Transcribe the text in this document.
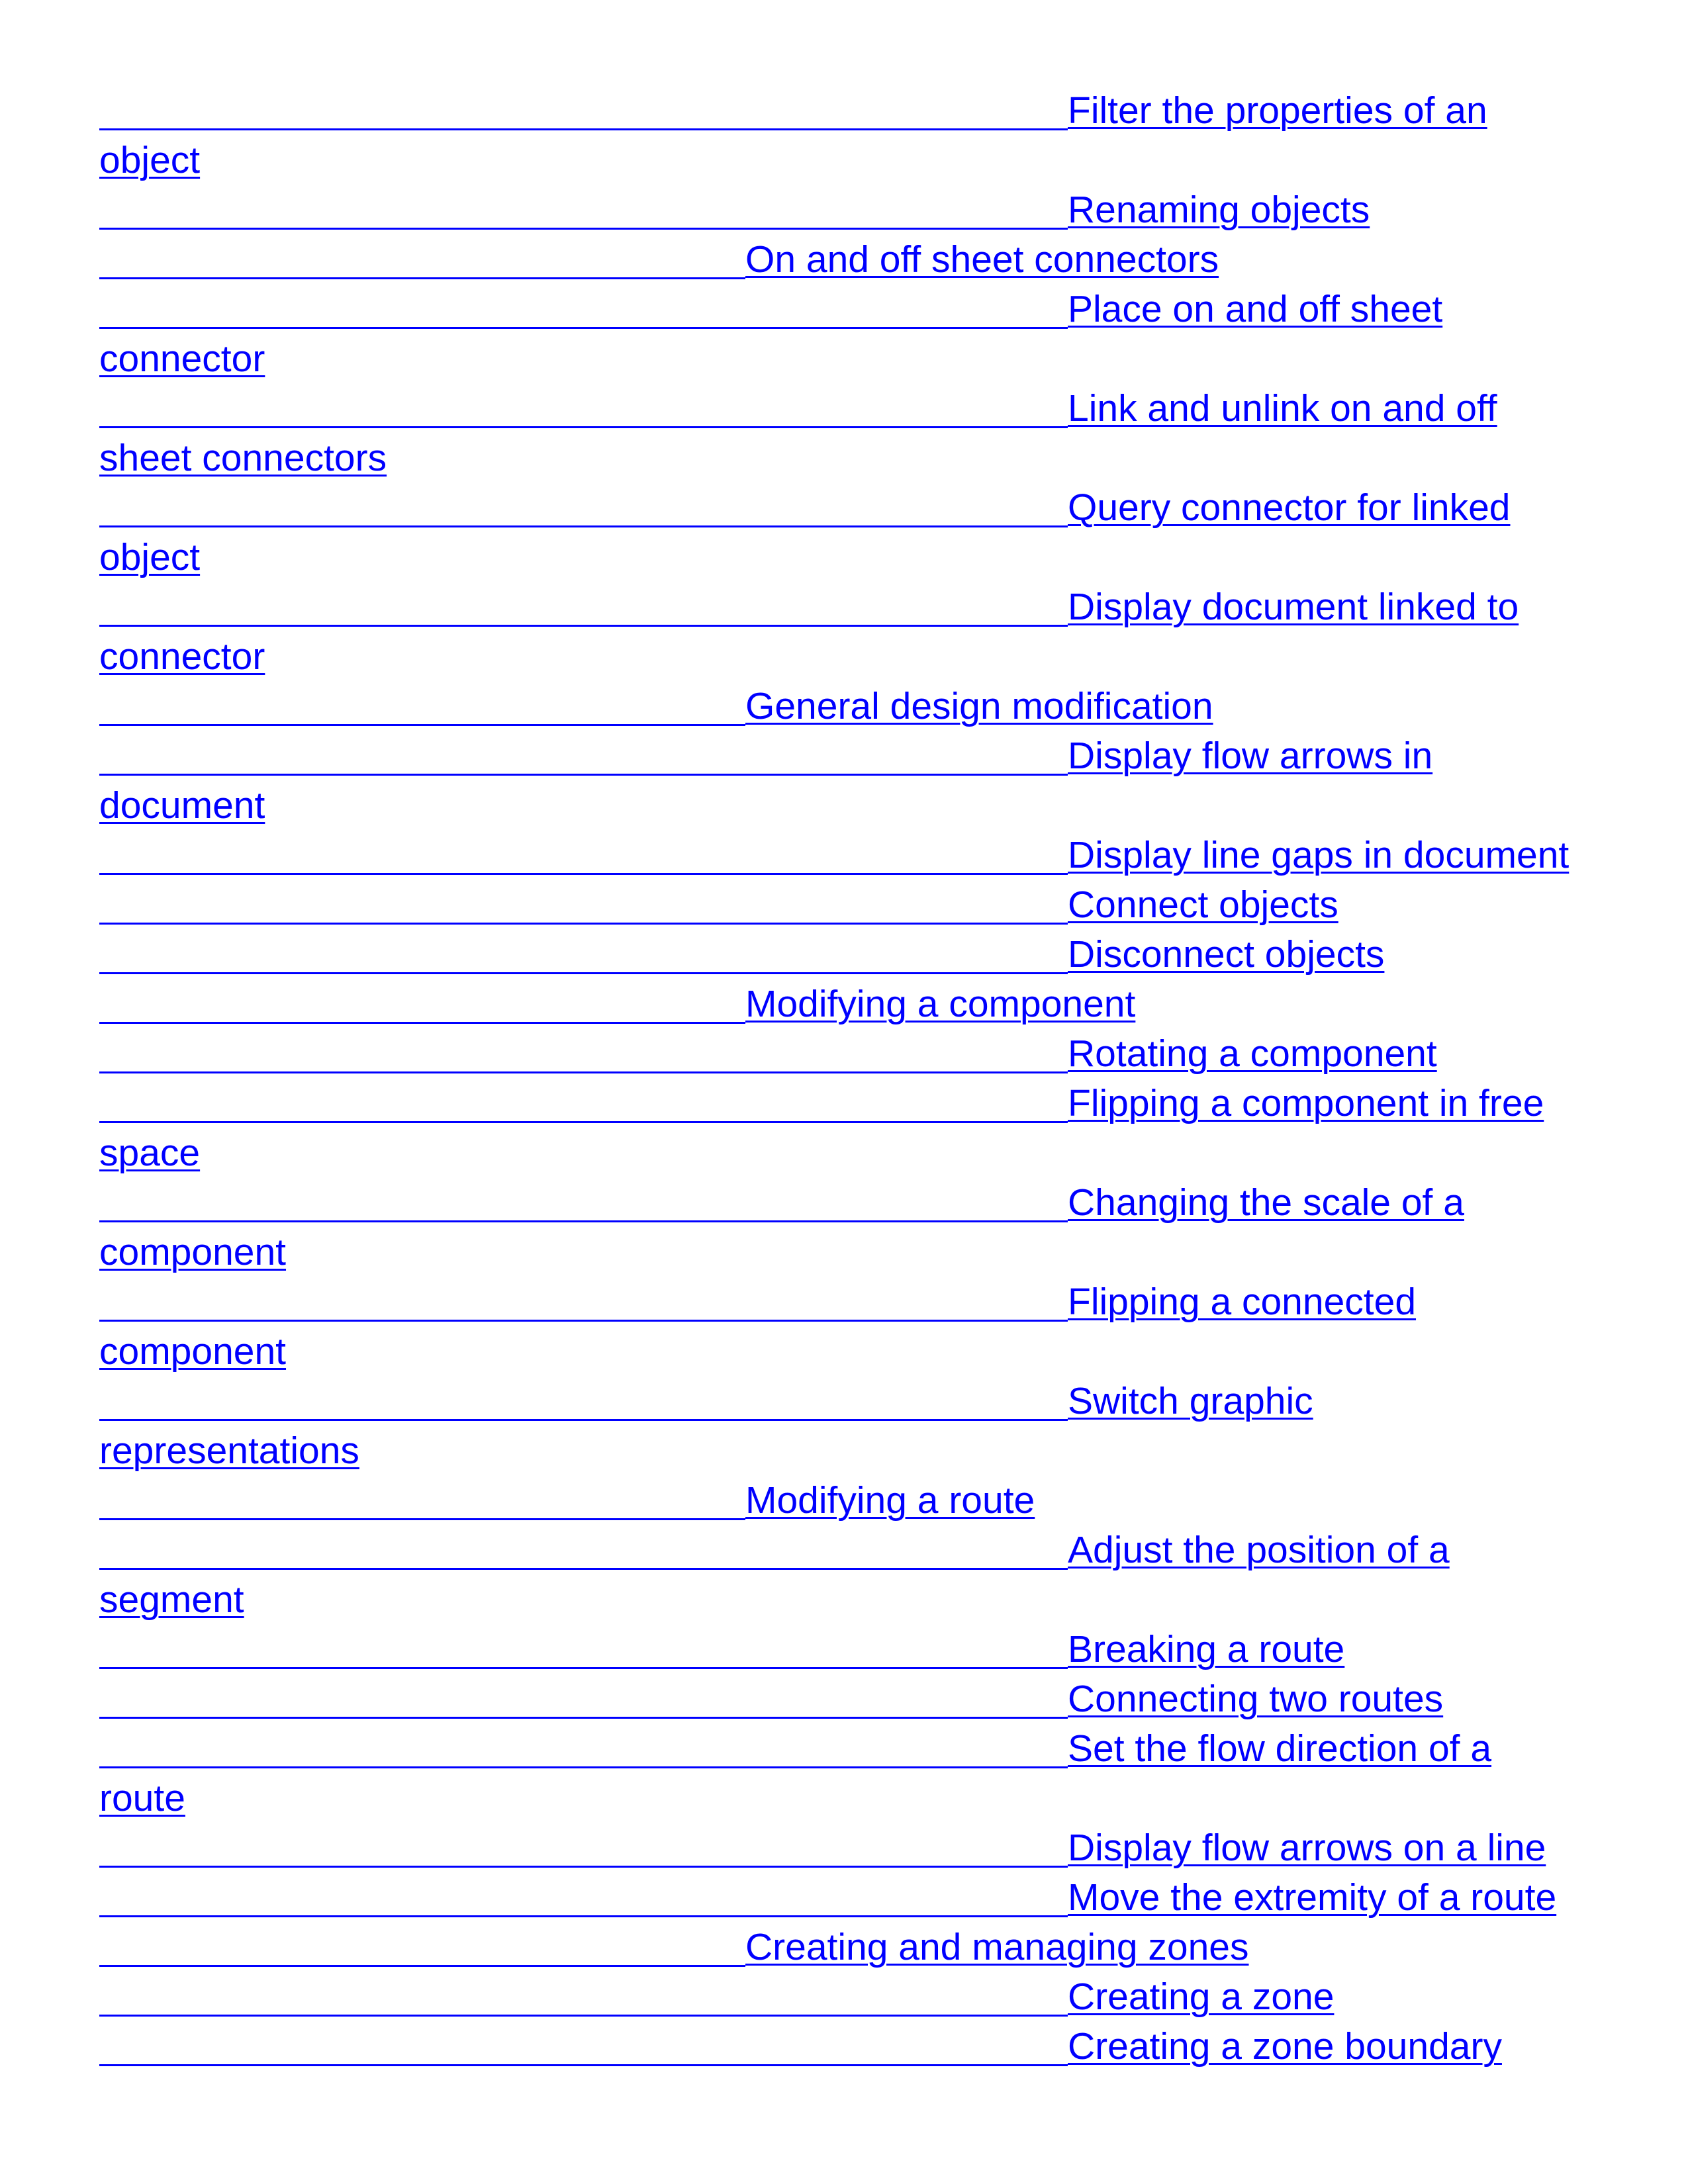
Filter the properties of an
object
Renaming objects
On and off sheet connectors
Place on and off sheet
connector
Link and unlink on and off
sheet connectors
Query connector for linked
object
Display document linked to
connector
General design modification
Display flow arrows in
document
Display line gaps in document
Connect objects
Disconnect objects
Modifying a component
Rotating a component
Flipping a component in free
space
Changing the scale of a
component
Flipping a connected
component
Switch graphic
representations
Modifying a route
Adjust the position of a
segment
Breaking a route
Connecting two routes
Set the flow direction of a
route
Display flow arrows on a line
Move the extremity of a route
Creating and managing zones
Creating a zone
Creating a zone boundary
